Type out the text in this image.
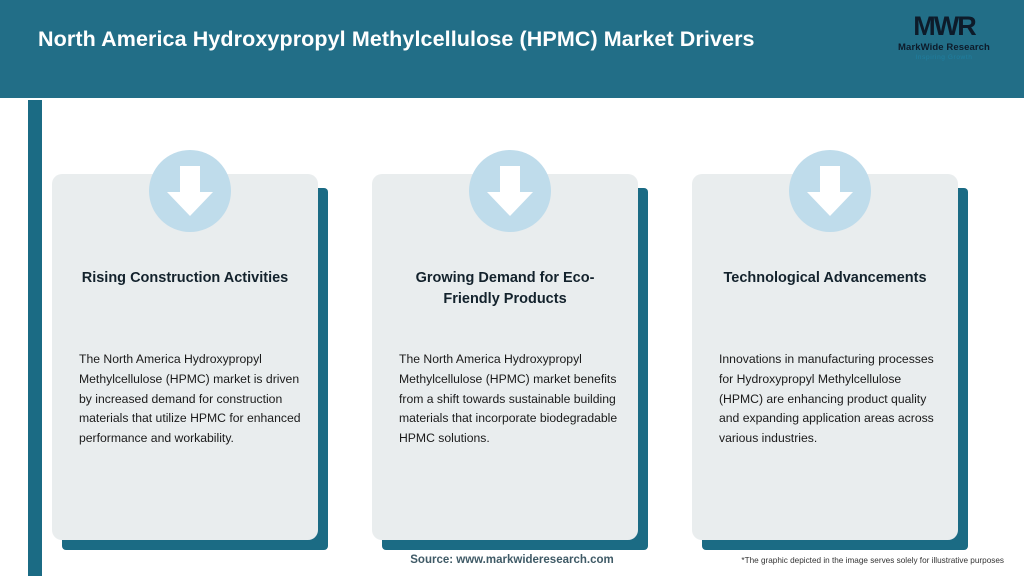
North America Hydroxypropyl Methylcellulose (HPMC) Market Drivers	MWR
MarkWide Research
Inspiring Growth
Rising Construction Activities
The North America Hydroxypropyl Methylcellulose (HPMC) market is driven by increased demand for construction materials that utilize HPMC for enhanced performance and workability.
Growing Demand for Eco-Friendly Products
The North America Hydroxypropyl Methylcellulose (HPMC) market benefits from a shift towards sustainable building materials that incorporate biodegradable HPMC solutions.
Technological Advancements
Innovations in manufacturing processes for Hydroxypropyl Methylcellulose (HPMC) are enhancing product quality and expanding application areas across various industries.
Source: www.markwideresearch.com	*The graphic depicted in the image serves solely for illustrative purposes
